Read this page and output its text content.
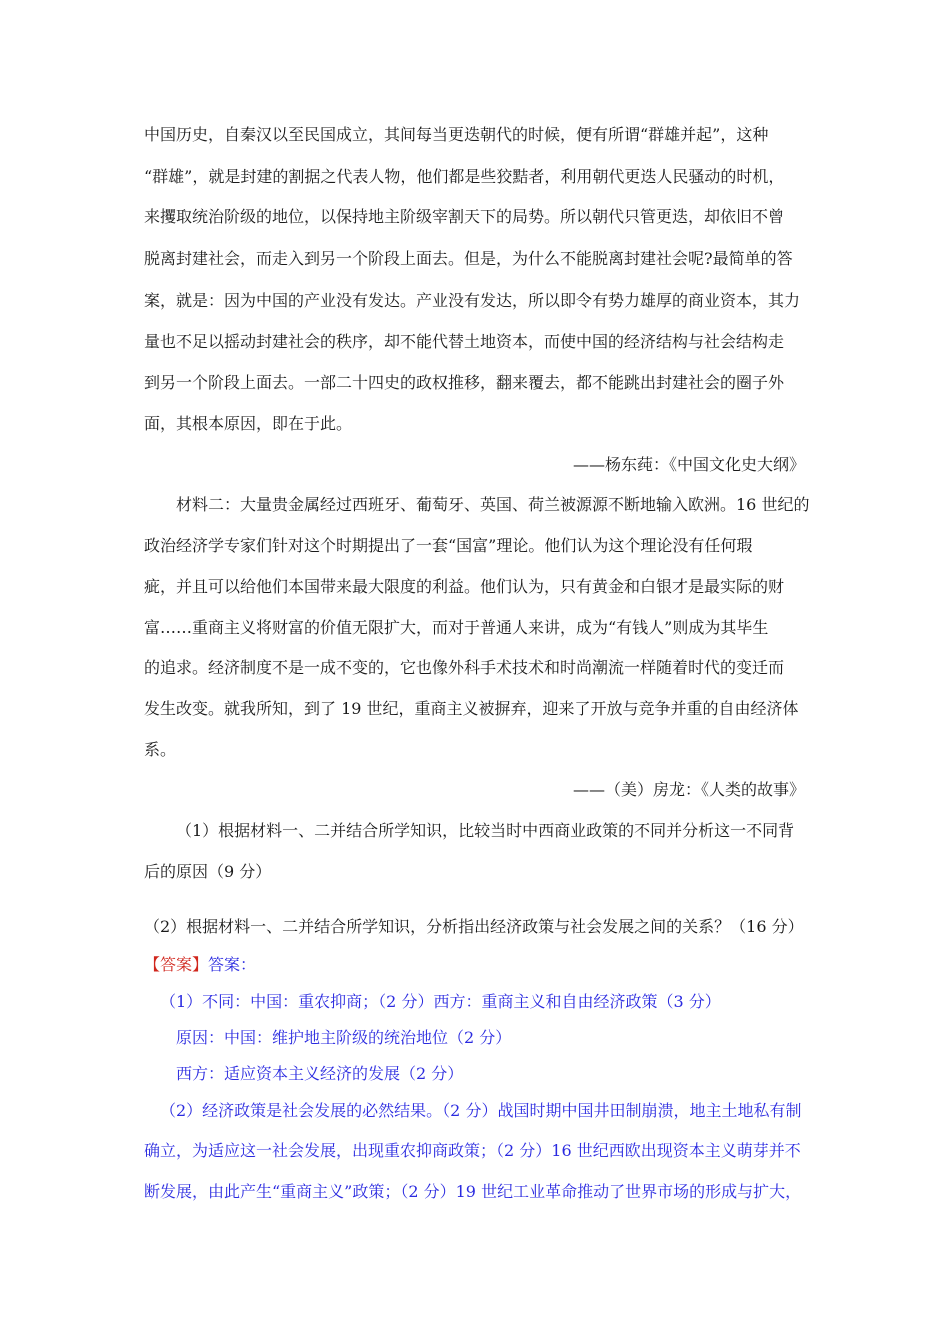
中国历史，自秦汉以至民国成立，其间每当更迭朝代的时候，便有所谓“群雄并起”，这种
“群雄”，就是封建的割据之代表人物，他们都是些狡黠者，利用朝代更迭人民骚动的时机，
来攫取统治阶级的地位，以保持地主阶级宰割天下的局势。所以朝代只管更迭，却依旧不曾
脱离封建社会，而走入到另一个阶段上面去。但是，为什么不能脱离封建社会呢?最简单的答
案，就是：因为中国的产业没有发达。产业没有发达，所以即令有势力雄厚的商业资本，其力
量也不足以摇动封建社会的秩序，却不能代替土地资本，而使中国的经济结构与社会结构走
到另一个阶段上面去。一部二十四史的政权推移，翻来覆去，都不能跳出封建社会的圈子外
面，其根本原因，即在于此。
——杨东莼：《中国文化史大纲》
材料二：大量贵金属经过西班牙、葡萄牙、英国、荷兰被源源不断地输入欧洲。16 世纪的
政治经济学专家们针对这个时期提出了一套“国富”理论。他们认为这个理论没有任何瑕
疵，并且可以给他们本国带来最大限度的利益。他们认为，只有黄金和白银才是最实际的财
富……重商主义将财富的价值无限扩大，而对于普通人来讲，成为“有钱人”则成为其毕生
的追求。经济制度不是一成不变的，它也像外科手术技术和时尚潮流一样随着时代的变迁而
发生改变。就我所知，到了 19 世纪，重商主义被摒弃，迎来了开放与竞争并重的自由经济体
系。
——（美）房龙：《人类的故事》
（1）根据材料一、二并结合所学知识，比较当时中西商业政策的不同并分析这一不同背
后的原因（9 分）
（2）根据材料一、二并结合所学知识，分析指出经济政策与社会发展之间的关系？（16 分）
【答案】答案：
（1）不同：中国：重农抑商；（2 分）西方：重商主义和自由经济政策（3 分）
原因：中国：维护地主阶级的统治地位（2 分）
西方：适应资本主义经济的发展（2 分）
（2）经济政策是社会发展的必然结果。（2 分）战国时期中国井田制崩溃，地主土地私有制
确立，为适应这一社会发展，出现重农抑商政策；（2 分）16 世纪西欧出现资本主义萌芽并不
断发展，由此产生“重商主义”政策；（2 分）19 世纪工业革命推动了世界市场的形成与扩大，
